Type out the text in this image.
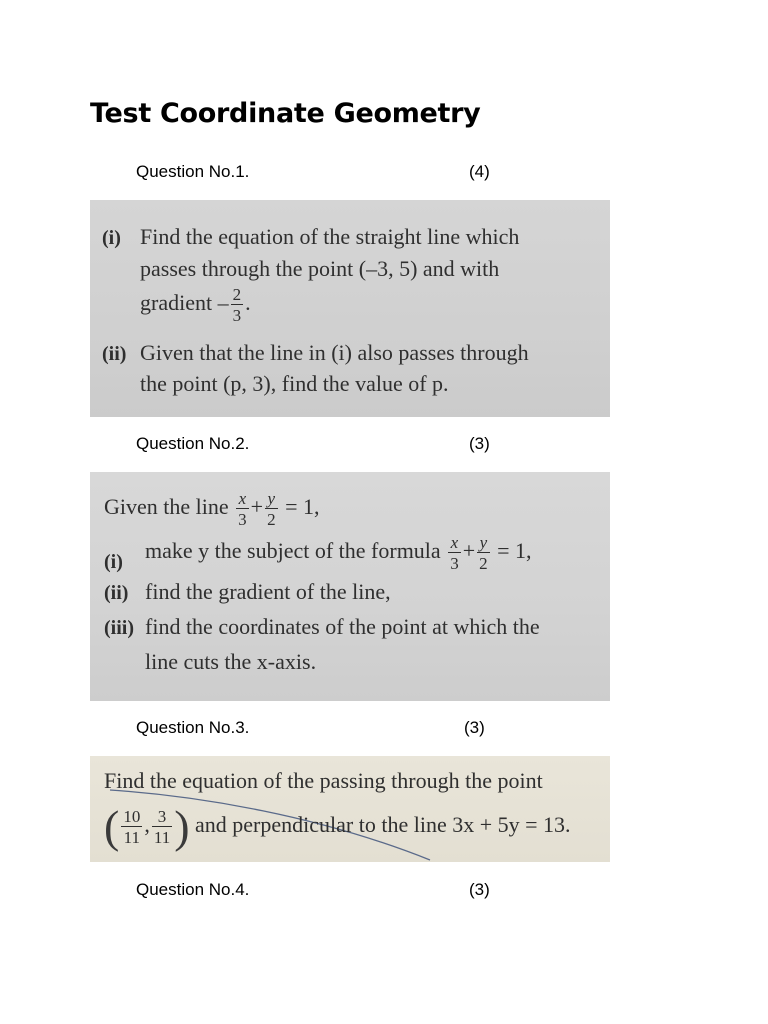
Test Coordinate Geometry
Question No.1.	(4)
(i) Find the equation of the straight line which
passes through the point (–3, 5) and with
gradient – $\frac{2}{3}$ .
(ii) Given that the line in (i) also passes through
the point (p, 3), find the value of p.
Question No.2.	(3)
Given the line $\frac{x}{3} + \frac{y}{2} = 1$,
(i) make y the subject of the formula $\frac{x}{3} + \frac{y}{2} = 1$,
(ii) find the gradient of the line,
(iii) find the coordinates of the point at which the
line cuts the x-axis.
Question No.3.	(3)
Find the equation of the passing through the point
( $\frac{10}{11}$ , $\frac{3}{11}$ ) and perpendicular to the line 3x + 5y = 13.
Question No.4.	(3)
